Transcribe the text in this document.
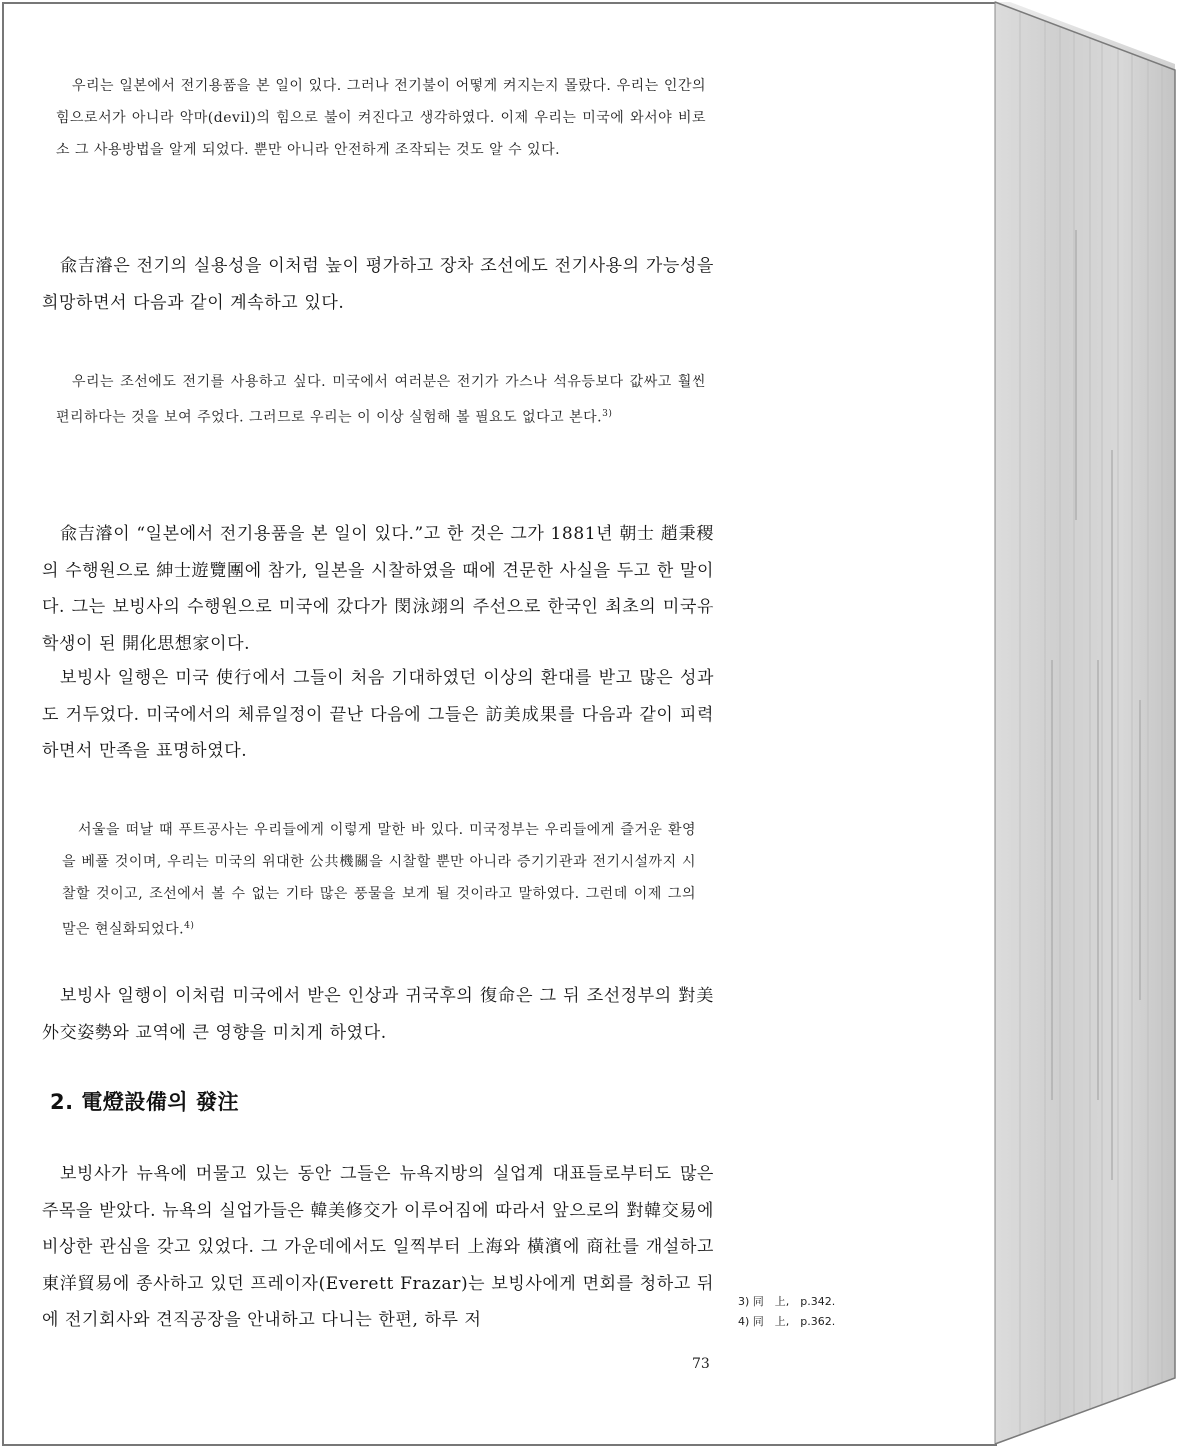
우리는 일본에서 전기용품을 본 일이 있다. 그러나 전기불이 어떻게 켜지는지 몰랐다. 우리는 인간의 힘으로서가 아니라 악마(devil)의 힘으로 불이 켜진다고 생각하였다. 이제 우리는 미국에 와서야 비로소 그 사용방법을 알게 되었다. 뿐만 아니라 안전하게 조작되는 것도 알 수 있다.
兪吉濬은 전기의 실용성을 이처럼 높이 평가하고 장차 조선에도 전기사용의 가능성을 희망하면서 다음과 같이 계속하고 있다.
우리는 조선에도 전기를 사용하고 싶다. 미국에서 여러분은 전기가 가스나 석유등보다 값싸고 훨씬 편리하다는 것을 보여 주었다. 그러므로 우리는 이 이상 실험해 볼 필요도 없다고 본다.$^{3)}$
兪吉濬이 “일본에서 전기용품을 본 일이 있다.”고 한 것은 그가 1881년 朝士 趙秉稷의 수행원으로 紳士遊覽團에 참가, 일본을 시찰하였을 때에 견문한 사실을 두고 한 말이다. 그는 보빙사의 수행원으로 미국에 갔다가 閔泳翊의 주선으로 한국인 최초의 미국유학생이 된 開化思想家이다.
보빙사 일행은 미국 使行에서 그들이 처음 기대하였던 이상의 환대를 받고 많은 성과도 거두었다. 미국에서의 체류일정이 끝난 다음에 그들은 訪美成果를 다음과 같이 피력하면서 만족을 표명하였다.
서울을 떠날 때 푸트공사는 우리들에게 이렇게 말한 바 있다. 미국정부는 우리들에게 즐거운 환영을 베풀 것이며, 우리는 미국의 위대한 公共機關을 시찰할 뿐만 아니라 증기기관과 전기시설까지 시찰할 것이고, 조선에서 볼 수 없는 기타 많은 풍물을 보게 될 것이라고 말하였다. 그런데 이제 그의 말은 현실화되었다.$^{4)}$
보빙사 일행이 이처럼 미국에서 받은 인상과 귀국후의 復命은 그 뒤 조선정부의 對美外交姿勢와 교역에 큰 영향을 미치게 하였다.
2. 電燈設備의 發注
보빙사가 뉴욕에 머물고 있는 동안 그들은 뉴욕지방의 실업계 대표들로부터도 많은 주목을 받았다. 뉴욕의 실업가들은 韓美修交가 이루어짐에 따라서 앞으로의 對韓交易에 비상한 관심을 갖고 있었다. 그 가운데에서도 일찍부터 上海와 橫濱에 商社를 개설하고 東洋貿易에 종사하고 있던 프레이자(Everett Frazar)는 보빙사에게 면회를 청하고 뒤에 전기회사와 견직공장을 안내하고 다니는 한편, 하루 저
3) 同　上,　p.342.
4) 同　上,　p.362.
73
